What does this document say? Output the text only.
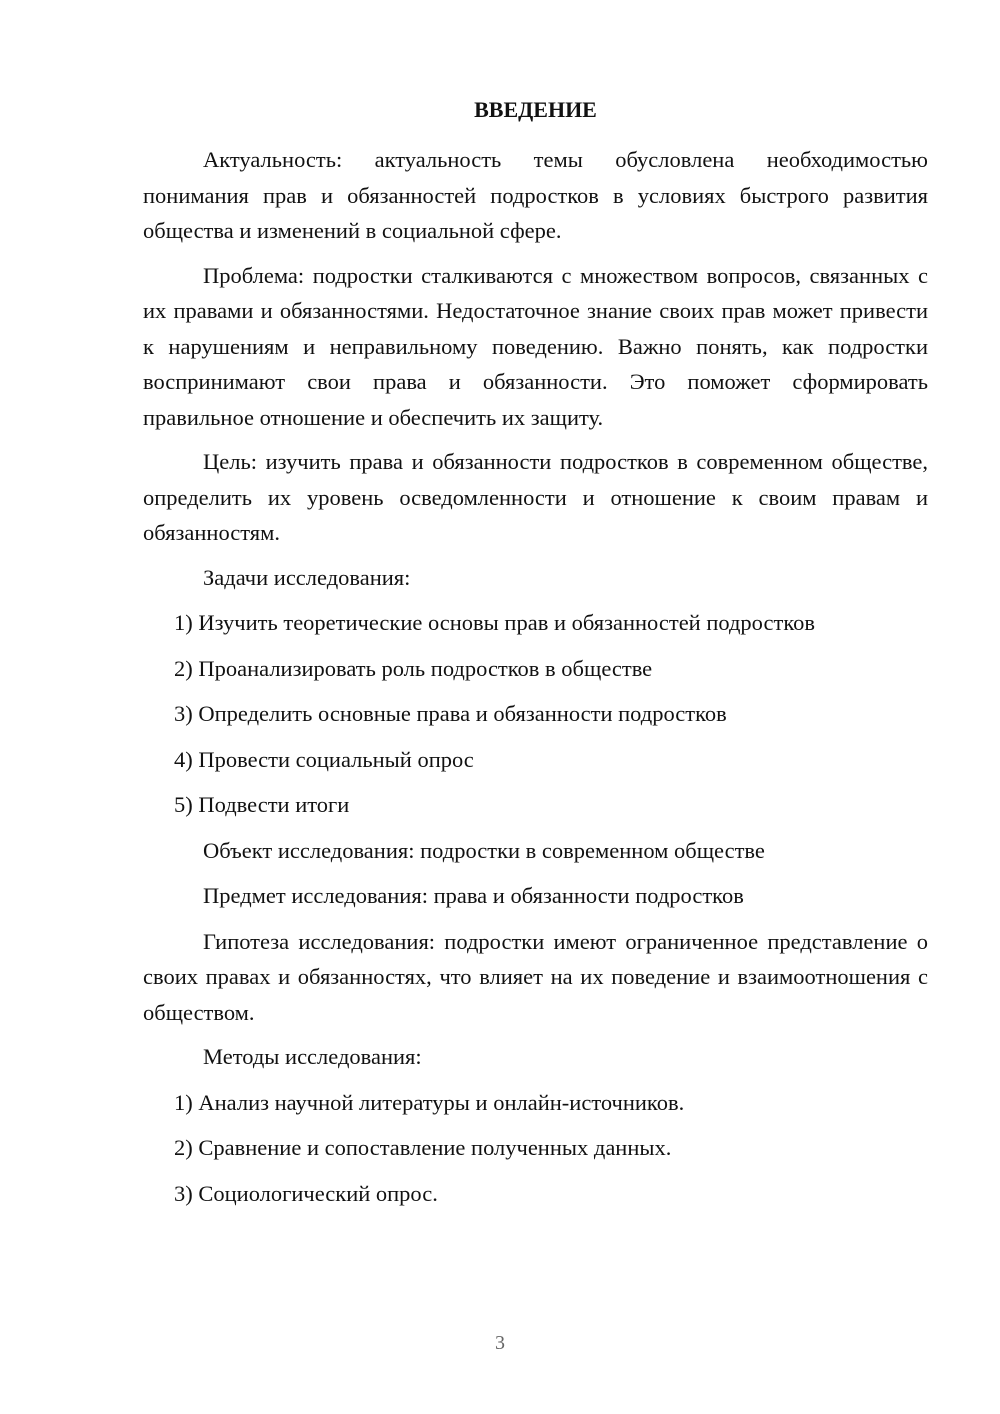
ВВЕДЕНИЕ

Актуальность: актуальность темы обусловлена необходимостью понимания прав и обязанностей подростков в условиях быстрого развития общества и изменений в социальной сфере.

Проблема: подростки сталкиваются с множеством вопросов, связанных с их правами и обязанностями. Недостаточное знание своих прав может привести к нарушениям и неправильному поведению. Важно понять, как подростки воспринимают свои права и обязанности. Это поможет сформировать правильное отношение и обеспечить их защиту.

Цель: изучить права и обязанности подростков в современном обществе, определить их уровень осведомленности и отношение к своим правам и обязанностям.

Задачи исследования:

1) Изучить теоретические основы прав и обязанностей подростков
2) Проанализировать роль подростков в обществе
3) Определить основные права и обязанности подростков
4) Провести социальный опрос
5) Подвести итоги

Объект исследования: подростки в современном обществе

Предмет исследования: права и обязанности подростков

Гипотеза исследования: подростки имеют ограниченное представление о своих правах и обязанностях, что влияет на их поведение и взаимоотношения с обществом.

Методы исследования:

1) Анализ научной литературы и онлайн-источников.
2) Сравнение и сопоставление полученных данных.
3) Социологический опрос.
3
